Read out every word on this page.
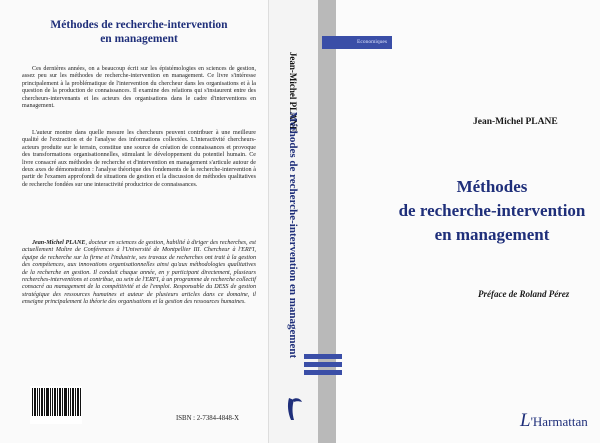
Méthodes de recherche-intervention
en management

Ces dernières années, on a beaucoup écrit sur les épistémologies en sciences de gestion, assez peu sur les méthodes de recherche-intervention en management. Ce livre s'intéresse principalement à la problématique de l'intervention du chercheur dans les organisations et à la question de la production de connaissances. Il examine des relations qui s'instaurent entre des chercheurs-intervenants et les acteurs des organisations dans le cadre d'interventions en management.

L'auteur montre dans quelle mesure les chercheurs peuvent contribuer à une meilleure qualité de l'extraction et de l'analyse des informations collectées. L'interactivité chercheurs-acteurs produite sur le terrain, constitue une source de création de connaissances et provoque des transformations organisationnelles, stimulant le développement du potentiel humain. Ce livre consacré aux méthodes de recherche et d'intervention en management s'articule autour de deux axes de démonstration : l'analyse théorique des fondements de la recherche-intervention à partir de l'examen approfondi de situations de gestion et la discussion de méthodes qualitatives de recherche fondées sur une interactivité productrice de connaissances.

Jean-Michel PLANE, docteur en sciences de gestion, habilité à diriger des recherches, est actuellement Maître de Conférences à l'Université de Montpellier III. Chercheur à l'ERFI, équipe de recherche sur la firme et l'industrie, ses travaux de recherches ont trait à la gestion des compétences, aux innovations organisationnelles ainsi qu'aux méthodologies qualitatives de la recherche en gestion. Il conduit chaque année, en y participant directement, plusieurs recherches-interventions et contribue, au sein de l'ERFI, à un programme de recherche collectif consacré au management de la compétitivité et de l'emploi. Responsable du DESS de gestion stratégique des ressources humaines et auteur de plusieurs articles dans ce domaine, il enseigne principalement la théorie des organisations et la gestion des ressources humaines.

ISBN : 2-7384-4848-X
Jean-Michel PLANE
Méthodes de recherche-intervention en management
Economiques
Jean-Michel PLANE
Méthodes
de recherche-intervention
en management
Préface de Roland Pérez
L'Harmattan
